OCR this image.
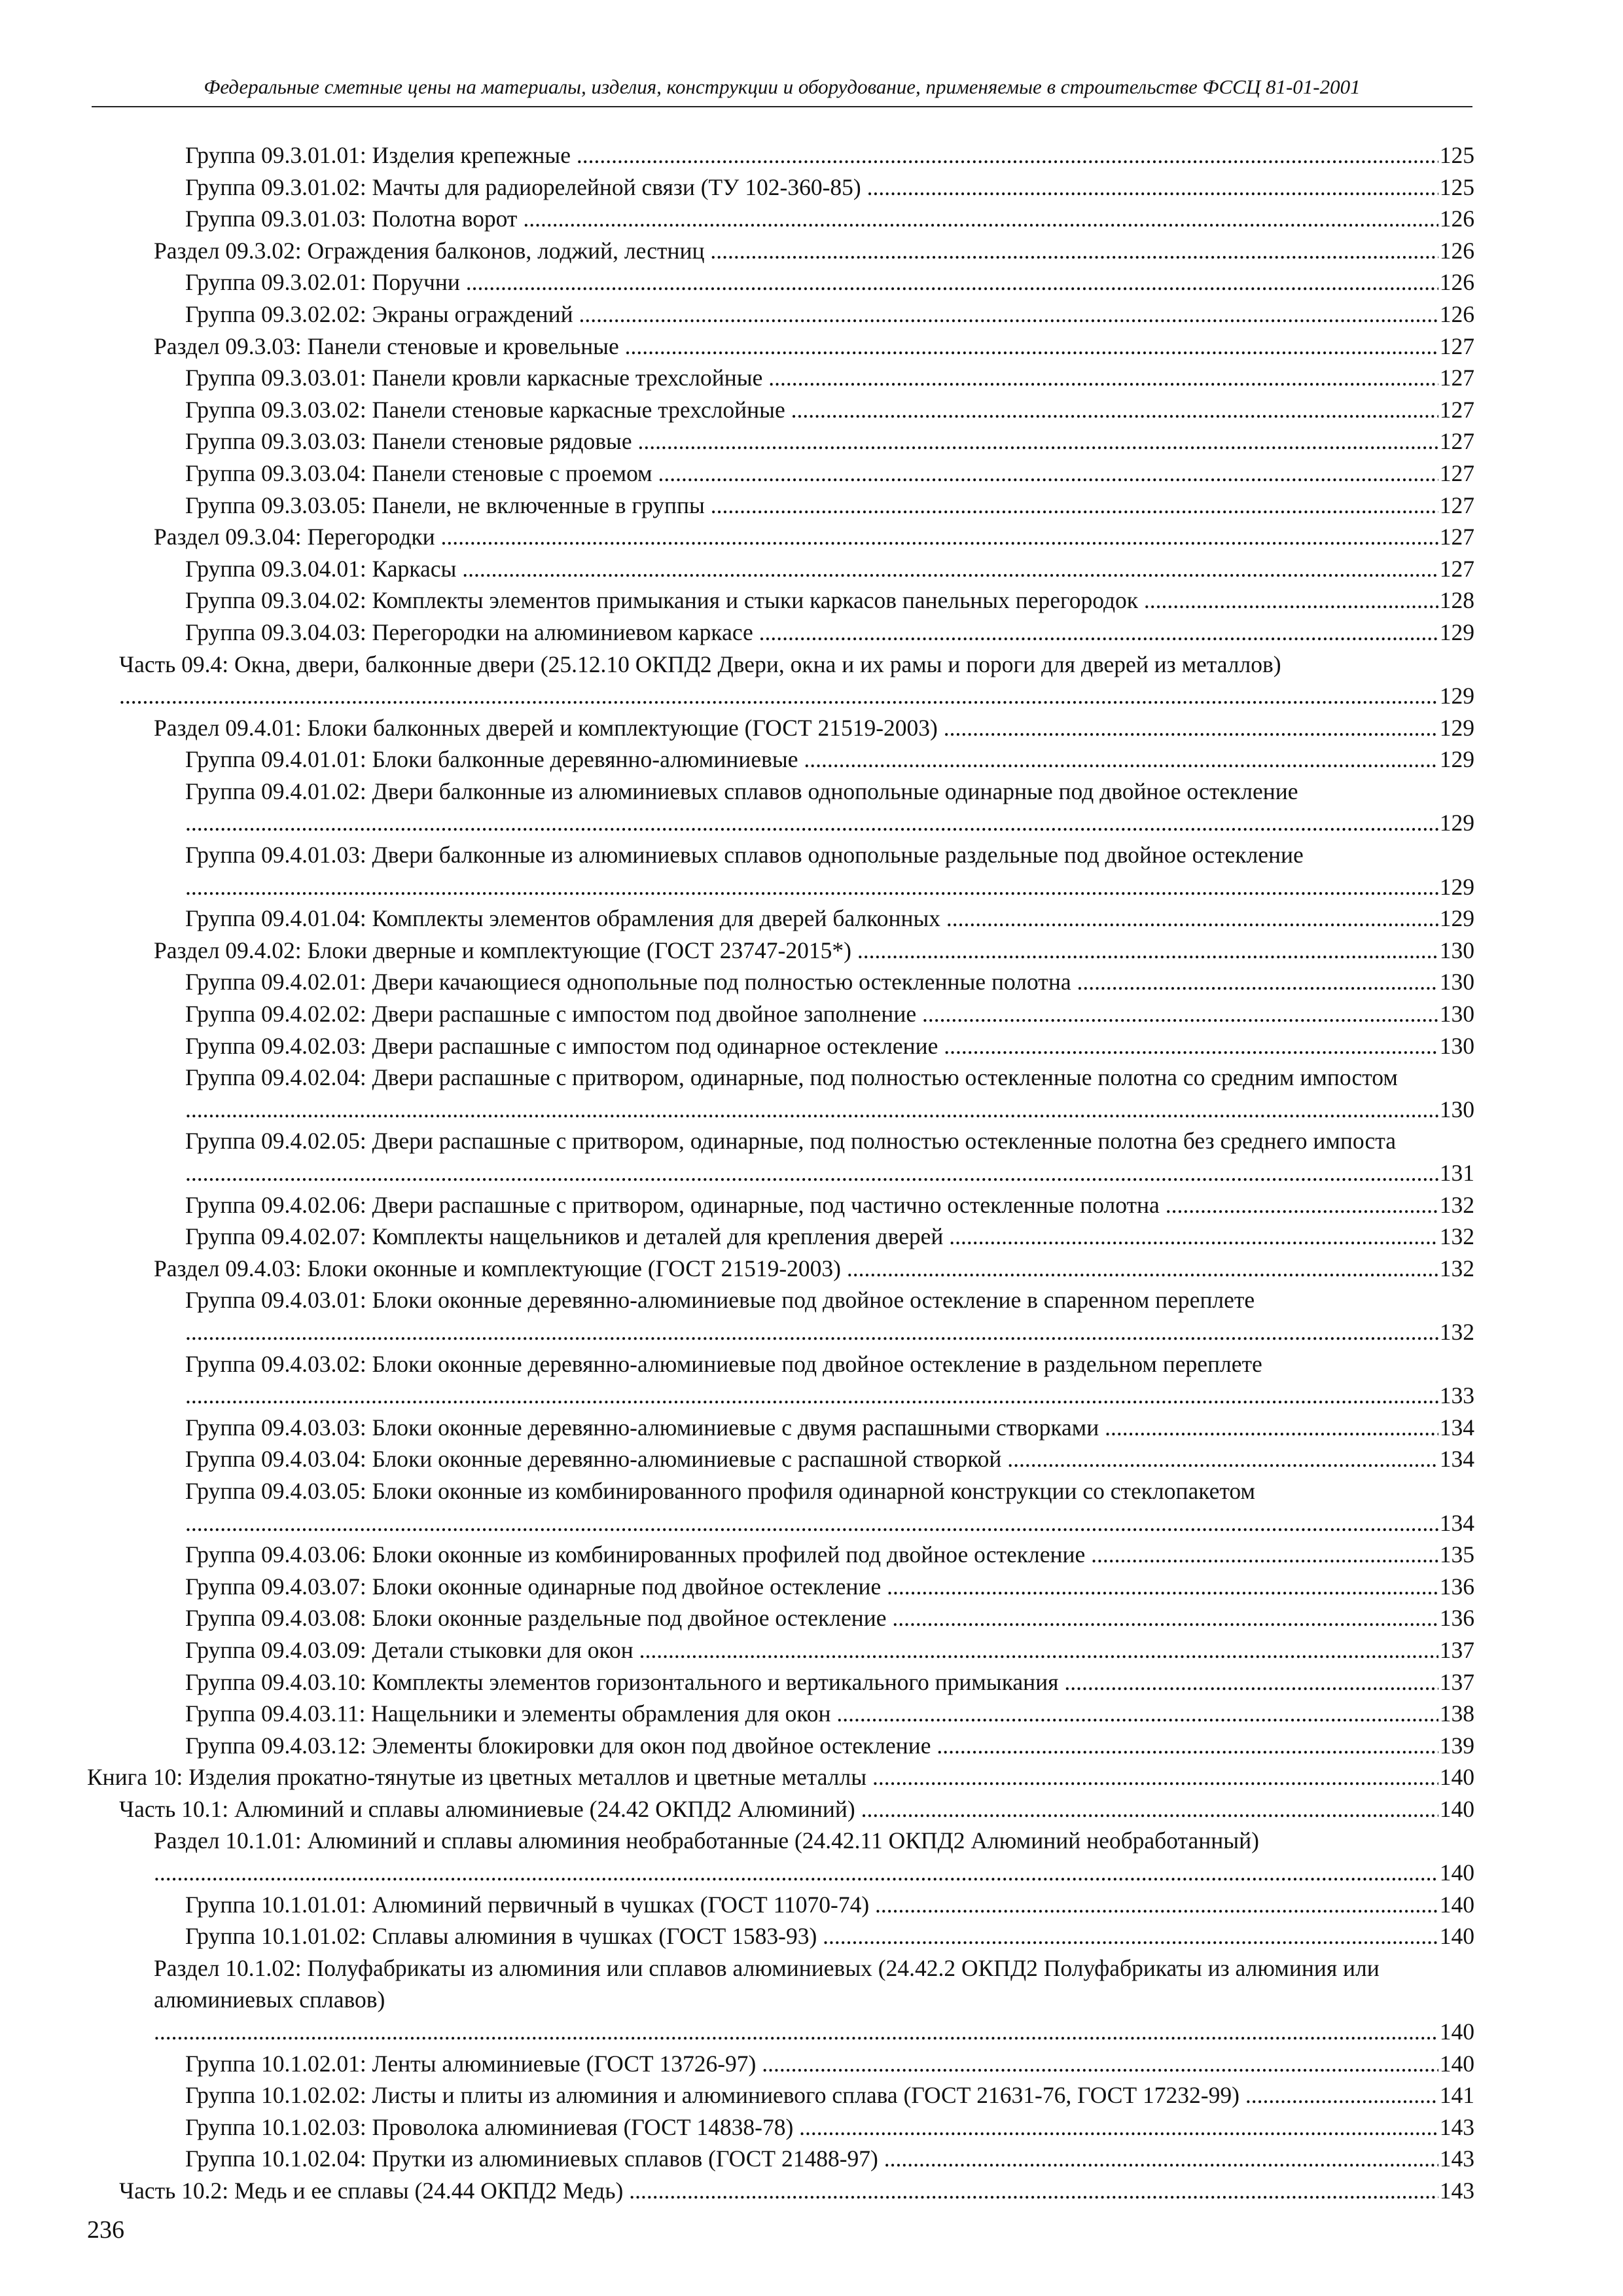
Федеральные сметные цены на материалы, изделия, конструкции и оборудование, применяемые в строительстве ФССЦ 81-01-2001
Группа 09.3.01.01: Изделия крепежные .....	125
Группа 09.3.01.02: Мачты для радиорелейной связи (ТУ 102-360-85) .....	125
Группа 09.3.01.03: Полотна ворот .....	126
Раздел 09.3.02: Ограждения балконов, лоджий, лестниц .....	126
Группа 09.3.02.01: Поручни .....	126
Группа 09.3.02.02: Экраны ограждений .....	126
Раздел 09.3.03: Панели стеновые и кровельные .....	127
Группа 09.3.03.01: Панели кровли каркасные трехслойные .....	127
Группа 09.3.03.02: Панели стеновые каркасные трехслойные .....	127
Группа 09.3.03.03: Панели стеновые рядовые .....	127
Группа 09.3.03.04: Панели стеновые с проемом .....	127
Группа 09.3.03.05: Панели, не включенные в группы .....	127
Раздел 09.3.04: Перегородки .....	127
Группа 09.3.04.01: Каркасы .....	127
Группа 09.3.04.02: Комплекты элементов примыкания и стыки каркасов панельных перегородок .....	128
Группа 09.3.04.03: Перегородки на алюминиевом каркасе .....	129
Часть 09.4: Окна, двери, балконные двери (25.12.10 ОКПД2 Двери, окна и их рамы и пороги для дверей из металлов) .....
129
Раздел 09.4.01: Блоки балконных дверей и комплектующие (ГОСТ 21519-2003) .....	129
Группа 09.4.01.01: Блоки балконные деревянно-алюминиевые .....	129
Группа 09.4.01.02: Двери балконные из алюминиевых сплавов однопольные одинарные под двойное остекление .....
129
Группа 09.4.01.03: Двери балконные из алюминиевых сплавов однопольные раздельные под двойное остекление .....
129
Группа 09.4.01.04: Комплекты элементов обрамления для дверей балконных .....	129
Раздел 09.4.02: Блоки дверные и комплектующие (ГОСТ 23747-2015*) .....	130
Группа 09.4.02.01: Двери качающиеся однопольные под полностью остекленные полотна .....	130
Группа 09.4.02.02: Двери распашные с импостом под двойное заполнение .....	130
Группа 09.4.02.03: Двери распашные с импостом под одинарное остекление .....	130
Группа 09.4.02.04: Двери распашные с притвором, одинарные, под полностью остекленные полотна со средним импостом .....
130
Группа 09.4.02.05: Двери распашные с притвором, одинарные, под полностью остекленные полотна без среднего импоста .....
131
Группа 09.4.02.06: Двери распашные с притвором, одинарные, под частично остекленные полотна .....	132
Группа 09.4.02.07: Комплекты нащельников и деталей для крепления дверей .....	132
Раздел 09.4.03: Блоки оконные и комплектующие (ГОСТ 21519-2003) .....	132
Группа 09.4.03.01: Блоки оконные деревянно-алюминиевые под двойное остекление в спаренном переплете .....
132
Группа 09.4.03.02: Блоки оконные деревянно-алюминиевые под двойное остекление в раздельном переплете .....
133
Группа 09.4.03.03: Блоки оконные деревянно-алюминиевые с двумя распашными створками .....	134
Группа 09.4.03.04: Блоки оконные деревянно-алюминиевые с распашной створкой .....	134
Группа 09.4.03.05: Блоки оконные из комбинированного профиля одинарной конструкции со стеклопакетом .....
134
Группа 09.4.03.06: Блоки оконные из комбинированных профилей под двойное остекление .....	135
Группа 09.4.03.07: Блоки оконные одинарные под двойное остекление .....	136
Группа 09.4.03.08: Блоки оконные раздельные под двойное остекление .....	136
Группа 09.4.03.09: Детали стыковки для окон .....	137
Группа 09.4.03.10: Комплекты элементов горизонтального и вертикального примыкания .....	137
Группа 09.4.03.11: Нащельники и элементы обрамления для окон .....	138
Группа 09.4.03.12: Элементы блокировки для окон под двойное остекление .....	139
Книга 10: Изделия прокатно-тянутые из цветных металлов и цветные металлы .....	140
Часть 10.1: Алюминий и сплавы алюминиевые (24.42 ОКПД2 Алюминий) .....	140
Раздел 10.1.01: Алюминий и сплавы алюминия необработанные (24.42.11 ОКПД2 Алюминий необработанный) .....
140
Группа 10.1.01.01: Алюминий первичный в чушках (ГОСТ 11070-74) .....	140
Группа 10.1.01.02: Сплавы алюминия в чушках (ГОСТ 1583-93) .....	140
Раздел 10.1.02: Полуфабрикаты из алюминия или сплавов алюминиевых (24.42.2 ОКПД2 Полуфабрикаты из алюминия или алюминиевых сплавов) .....
140
Группа 10.1.02.01: Ленты алюминиевые (ГОСТ 13726-97) .....	140
Группа 10.1.02.02: Листы и плиты из алюминия и алюминиевого сплава (ГОСТ 21631-76, ГОСТ 17232-99) .....	141
Группа 10.1.02.03: Проволока алюминиевая (ГОСТ 14838-78) .....	143
Группа 10.1.02.04: Прутки из алюминиевых сплавов (ГОСТ 21488-97) .....	143
Часть 10.2: Медь и ее сплавы (24.44 ОКПД2 Медь) .....	143
236
